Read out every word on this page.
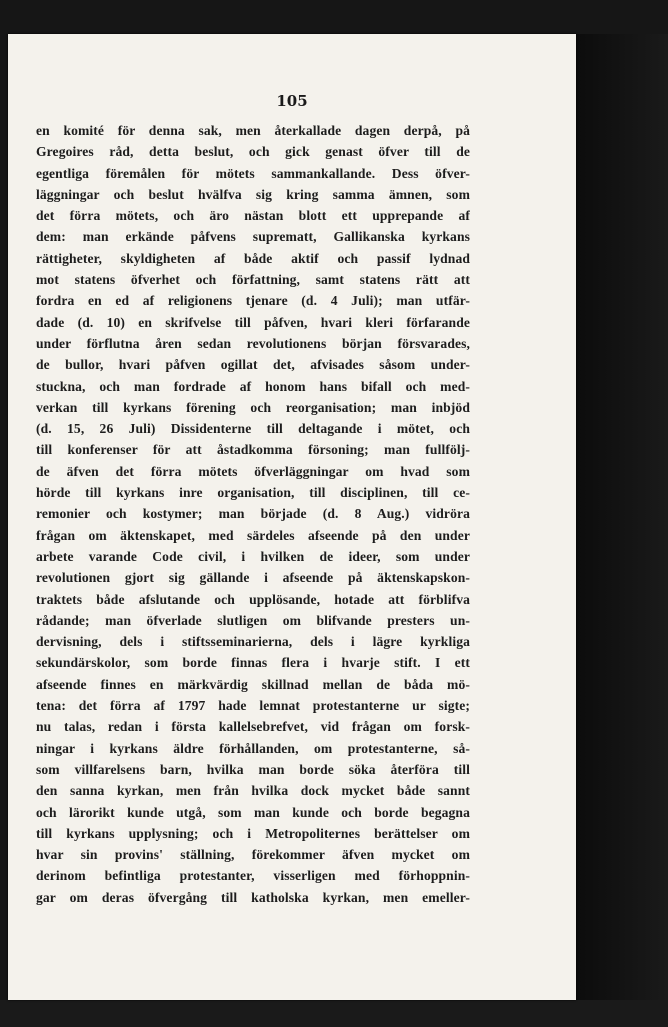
105
en komité för denna sak, men återkallade dagen derpå, på
Gregoires råd, detta beslut, och gick genast öfver till de
egentliga föremålen för mötets sammankallande. Dess öfver-
läggningar och beslut hvälfva sig kring samma ämnen, som
det förra mötets, och äro nästan blott ett upprepande af
dem: man erkände påfvens suprematt, Gallikanska kyrkans
rättigheter, skyldigheten af både aktif och passif lydnad
mot statens öfverhet och författning, samt statens rätt att
fordra en ed af religionens tjenare (d. 4 Juli); man utfär-
dade (d. 10) en skrifvelse till påfven, hvari kleri förfarande
under förflutna åren sedan revolutionens början försvarades,
de bullor, hvari påfven ogillat det, afvisades såsom under-
stuckna, och man fordrade af honom hans bifall och med-
verkan till kyrkans förening och reorganisation; man inbjöd
(d. 15, 26 Juli) Dissidenterne till deltagande i mötet, och
till konferenser för att åstadkomma försoning; man fullfölj-
de äfven det förra mötets öfverläggningar om hvad som
hörde till kyrkans inre organisation, till disciplinen, till ce-
remonier och kostymer; man började (d. 8 Aug.) vidröra
frågan om äktenskapet, med särdeles afseende på den under
arbete varande Code civil, i hvilken de ideer, som under
revolutionen gjort sig gällande i afseende på äktenskapskon-
traktets både afslutande och upplösande, hotade att förblifva
rådande; man öfverlade slutligen om blifvande presters un-
dervisning, dels i stiftsseminarierna, dels i lägre kyrkliga
sekundärskolor, som borde finnas flera i hvarje stift. I ett
afseende finnes en märkvärdig skillnad mellan de båda mö-
tena: det förra af 1797 hade lemnat protestanterne ur sigte;
nu talas, redan i första kallelsebrefvet, vid frågan om forsk-
ningar i kyrkans äldre förhållanden, om protestanterne, så-
som villfarelsens barn, hvilka man borde söka återföra till
den sanna kyrkan, men från hvilka dock mycket både sannt
och lärorikt kunde utgå, som man kunde och borde begagna
till kyrkans upplysning; och i Metropoliternes berättelser om
hvar sin provins' ställning, förekommer äfven mycket om
derinom befintliga protestanter, visserligen med förhoppnin-
gar om deras öfvergång till katholska kyrkan, men emeller-
